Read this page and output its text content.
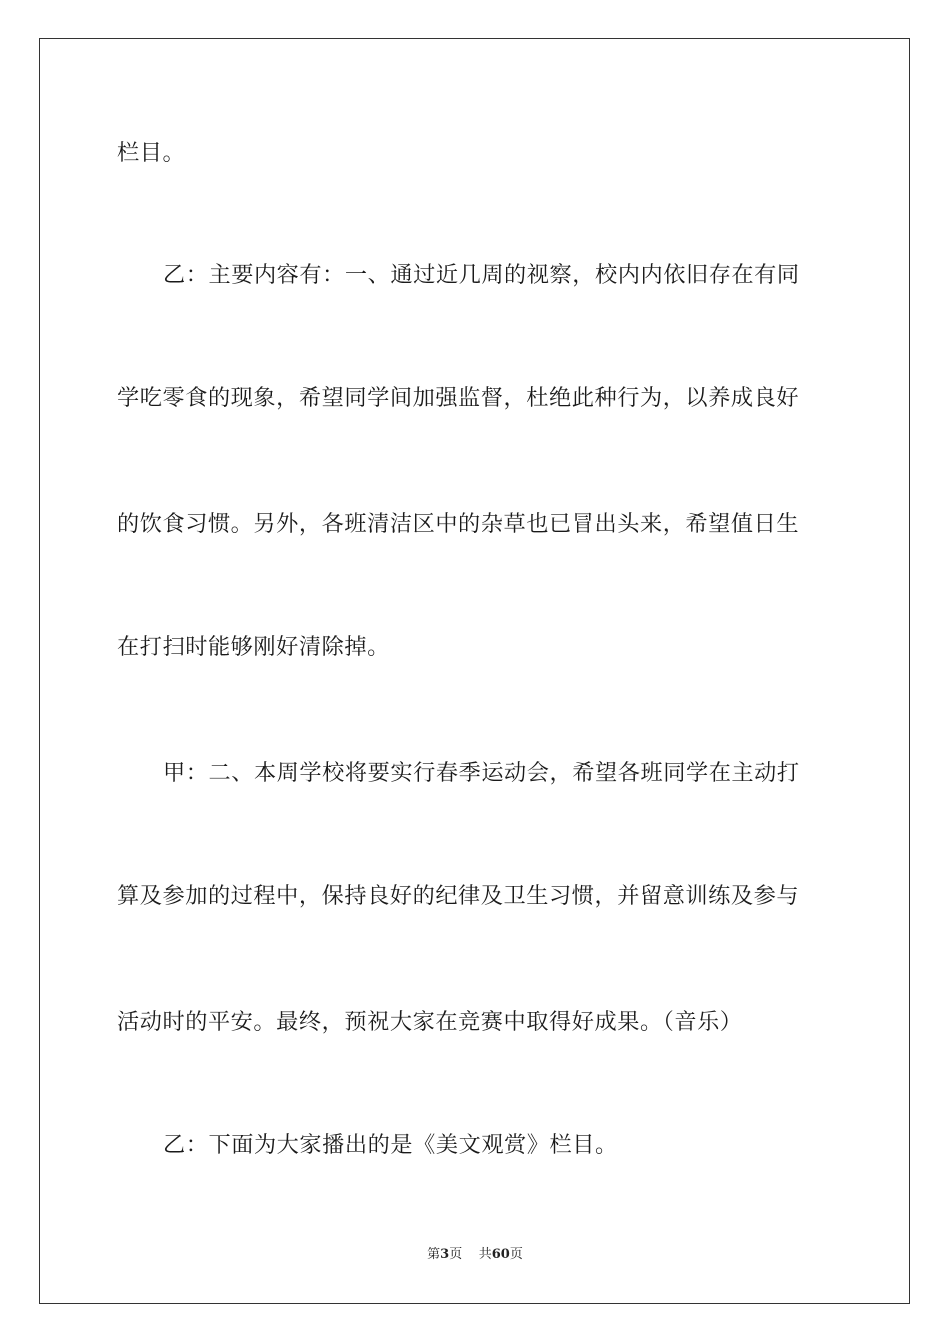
栏目。
乙：主要内容有：一、通过近几周的视察，校内内依旧存在有同
学吃零食的现象，希望同学间加强监督，杜绝此种行为，以养成良好
的饮食习惯。另外，各班清洁区中的杂草也已冒出头来，希望值日生
在打扫时能够刚好清除掉。
甲：二、本周学校将要实行春季运动会，希望各班同学在主动打
算及参加的过程中，保持良好的纪律及卫生习惯，并留意训练及参与
活动时的平安。最终，预祝大家在竞赛中取得好成果。（音乐）
乙：下面为大家播出的是《美文观赏》栏目。
第3页 共60页
